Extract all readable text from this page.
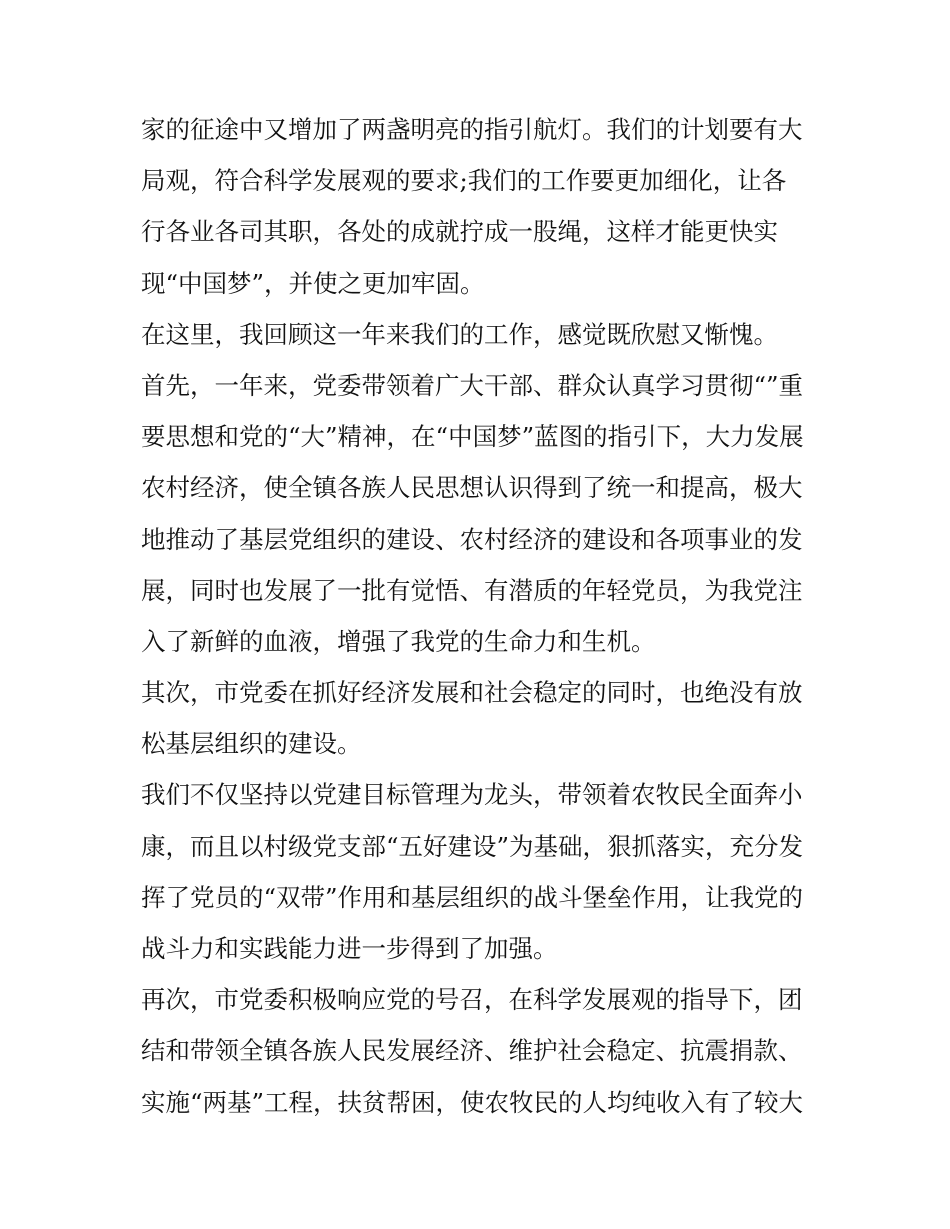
家的征途中又增加了两盏明亮的指引航灯。我们的计划要有大
局观，符合科学发展观的要求;我们的工作要更加细化，让各
行各业各司其职，各处的成就拧成一股绳，这样才能更快实
现“中国梦”，并使之更加牢固。
在这里，我回顾这一年来我们的工作，感觉既欣慰又惭愧。
首先，一年来，党委带领着广大干部、群众认真学习贯彻“”重
要思想和党的“大”精神，在“中国梦”蓝图的指引下，大力发展
农村经济，使全镇各族人民思想认识得到了统一和提高，极大
地推动了基层党组织的建设、农村经济的建设和各项事业的发
展，同时也发展了一批有觉悟、有潜质的年轻党员，为我党注
入了新鲜的血液，增强了我党的生命力和生机。
其次，市党委在抓好经济发展和社会稳定的同时，也绝没有放
松基层组织的建设。
我们不仅坚持以党建目标管理为龙头，带领着农牧民全面奔小
康，而且以村级党支部“五好建设”为基础，狠抓落实，充分发
挥了党员的“双带”作用和基层组织的战斗堡垒作用，让我党的
战斗力和实践能力进一步得到了加强。
再次，市党委积极响应党的号召，在科学发展观的指导下，团
结和带领全镇各族人民发展经济、维护社会稳定、抗震捐款、
实施“两基”工程，扶贫帮困，使农牧民的人均纯收入有了较大
